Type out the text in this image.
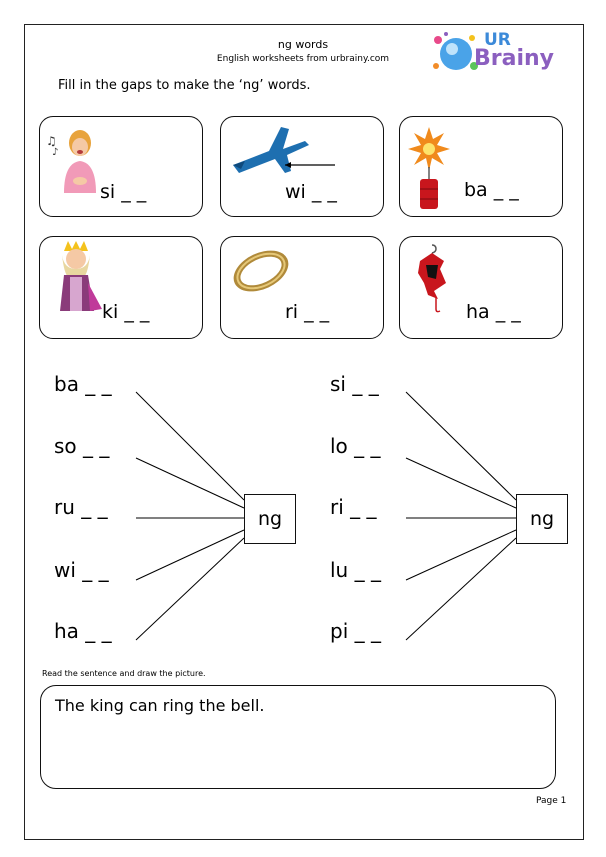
ng words
English worksheets from urbrainy.com
UR
Brainy
Fill in the gaps to make the ‘ng’ words.
♫
♪
si _ _	wi _ _	ba _ _
ki _ _	ri _ _	ha _ _
ba _ _
so _ _
ru _ _
wi _ _
ha _ _
ng
si _ _
lo _ _
ri _ _
lu _ _
pi _ _
ng
Read the sentence and draw the picture.
The king can ring the bell.
Page 1
